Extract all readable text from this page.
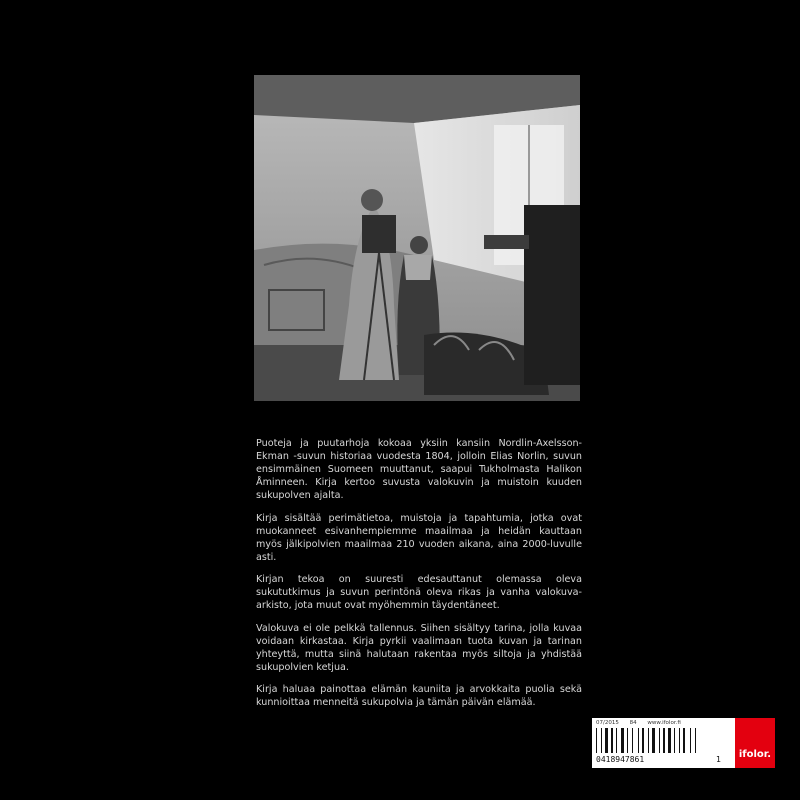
Puoteja ja puutarhoja kokoaa yksiin kansiin Nordlin-Axelsson-Ekman -suvun historiaa vuodesta 1804, jolloin Elias Norlin, suvun ensimmäinen Suomeen muuttanut, saapui Tukholmasta Halikon Åminneen. Kirja kertoo suvusta valokuvin ja muistoin kuuden sukupolven ajalta.

Kirja sisältää perimätietoa, muistoja ja tapahtumia, jotka ovat muokanneet esivanhempiemme maailmaa ja heidän kauttaan myös jälkipolvien maailmaa 210 vuoden aikana, aina 2000-luvulle asti.

Kirjan tekoa on suuresti edesauttanut olemassa oleva sukututkimus ja suvun perintönä oleva rikas ja vanha valokuva-arkisto, jota muut ovat myöhemmin täydentäneet.

Valokuva ei ole pelkkä tallennus. Siihen sisältyy tarina, jolla kuvaa voidaan kirkastaa. Kirja pyrkii vaalimaan tuota kuvan ja tarinan yhteyttä, mutta siinä halutaan rakentaa myös siltoja ja yhdistää sukupolvien ketjua.

Kirja haluaa painottaa elämän kauniita ja arvokkaita puolia sekä kunnioittaa menneitä sukupolvia ja tämän päivän elämää.

07/2015 84 www.ifolor.fi
0418947861	1 ifolor.
